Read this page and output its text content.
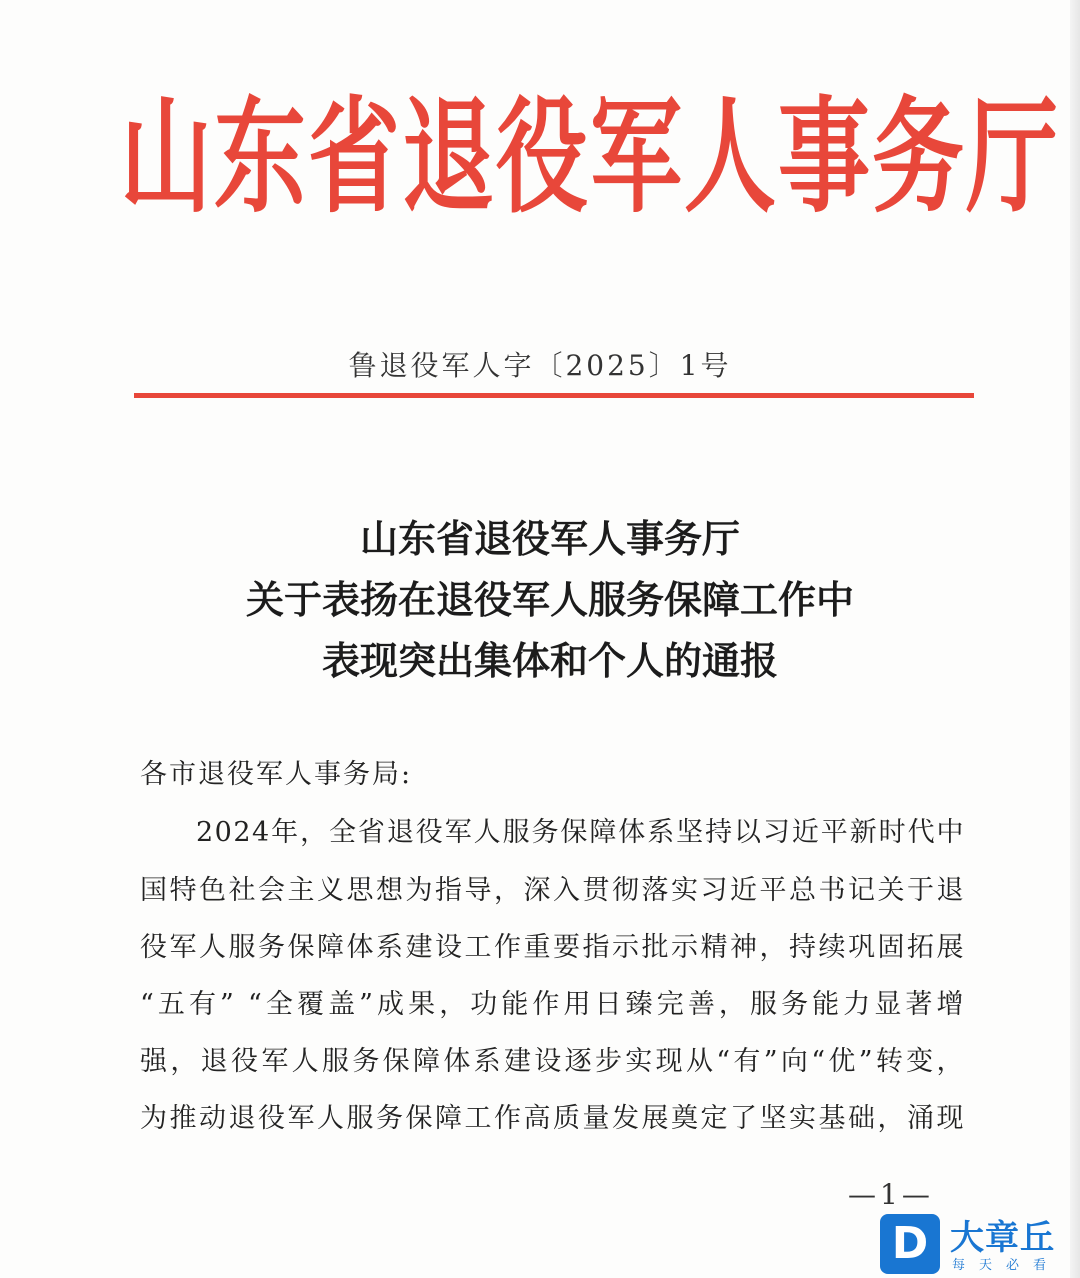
山东省退役军人事务厅
鲁退役军人字〔2025〕1号
山东省退役军人事务厅
关于表扬在退役军人服务保障工作中
表现突出集体和个人的通报
各市退役军人事务局:
2024年，全省退役军人服务保障体系坚持以习近平新时代中
国特色社会主义思想为指导，深入贯彻落实习近平总书记关于退
役军人服务保障体系建设工作重要指示批示精神，持续巩固拓展
“五有” “全覆盖”成果，功能作用日臻完善，服务能力显著增
强，退役军人服务保障体系建设逐步实现从“有”向“优”转变，
为推动退役军人服务保障工作高质量发展奠定了坚实基础，涌现
—1—
D 大章丘
每天必看
